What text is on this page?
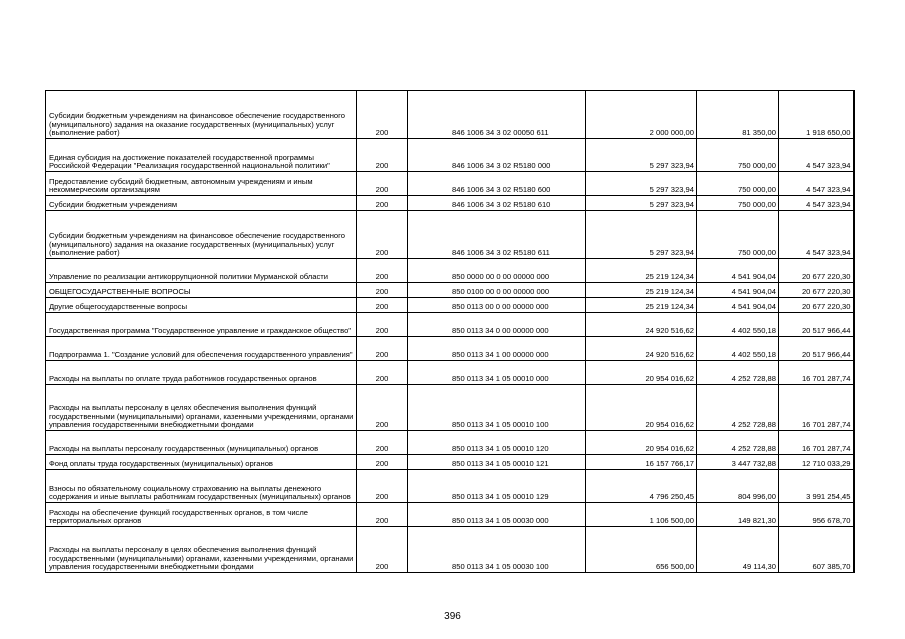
Субсидии бюджетным учреждениям на финансовое обеспечение государственного (муниципального) задания на оказание государственных (муниципальных) услуг (выполнение работ)	200	846 1006 34 3 02 00050 611	2 000 000,00	81 350,00	1 918 650,00
Единая субсидия на достижение показателей государственной программы Российской Федерации "Реализация государственной национальной политики"	200	846 1006 34 3 02 R5180 000	5 297 323,94	750 000,00	4 547 323,94
Предоставление субсидий бюджетным, автономным учреждениям и иным некоммерческим организациям	200	846 1006 34 3 02 R5180 600	5 297 323,94	750 000,00	4 547 323,94
Субсидии бюджетным учреждениям	200	846 1006 34 3 02 R5180 610	5 297 323,94	750 000,00	4 547 323,94
Субсидии бюджетным учреждениям на финансовое обеспечение государственного (муниципального) задания на оказание государственных (муниципальных) услуг (выполнение работ)	200	846 1006 34 3 02 R5180 611	5 297 323,94	750 000,00	4 547 323,94
Управление по реализации антикоррупционной политики Мурманской области	200	850 0000 00 0 00 00000 000	25 219 124,34	4 541 904,04	20 677 220,30
ОБЩЕГОСУДАРСТВЕННЫЕ ВОПРОСЫ	200	850 0100 00 0 00 00000 000	25 219 124,34	4 541 904,04	20 677 220,30
Другие общегосударственные вопросы	200	850 0113 00 0 00 00000 000	25 219 124,34	4 541 904,04	20 677 220,30
Государственная программа "Государственное управление и гражданское общество"	200	850 0113 34 0 00 00000 000	24 920 516,62	4 402 550,18	20 517 966,44
Подпрограмма 1. "Создание условий для обеспечения государственного управления"	200	850 0113 34 1 00 00000 000	24 920 516,62	4 402 550,18	20 517 966,44
Расходы на выплаты по оплате труда работников государственных органов	200	850 0113 34 1 05 00010 000	20 954 016,62	4 252 728,88	16 701 287,74
Расходы на выплаты персоналу в целях обеспечения выполнения функций государственными (муниципальными) органами, казенными учреждениями, органами управления государственными внебюджетными фондами	200	850 0113 34 1 05 00010 100	20 954 016,62	4 252 728,88	16 701 287,74
Расходы на выплаты персоналу государственных (муниципальных) органов	200	850 0113 34 1 05 00010 120	20 954 016,62	4 252 728,88	16 701 287,74
Фонд оплаты труда государственных (муниципальных) органов	200	850 0113 34 1 05 00010 121	16 157 766,17	3 447 732,88	12 710 033,29
Взносы по обязательному социальному страхованию на выплаты денежного содержания и иные выплаты работникам государственных (муниципальных) органов	200	850 0113 34 1 05 00010 129	4 796 250,45	804 996,00	3 991 254,45
Расходы на обеспечение функций государственных органов, в том числе территориальных органов	200	850 0113 34 1 05 00030 000	1 106 500,00	149 821,30	956 678,70
Расходы на выплаты персоналу в целях обеспечения выполнения функций государственными (муниципальными) органами, казенными учреждениями, органами управления государственными внебюджетными фондами	200	850 0113 34 1 05 00030 100	656 500,00	49 114,30	607 385,70
396
